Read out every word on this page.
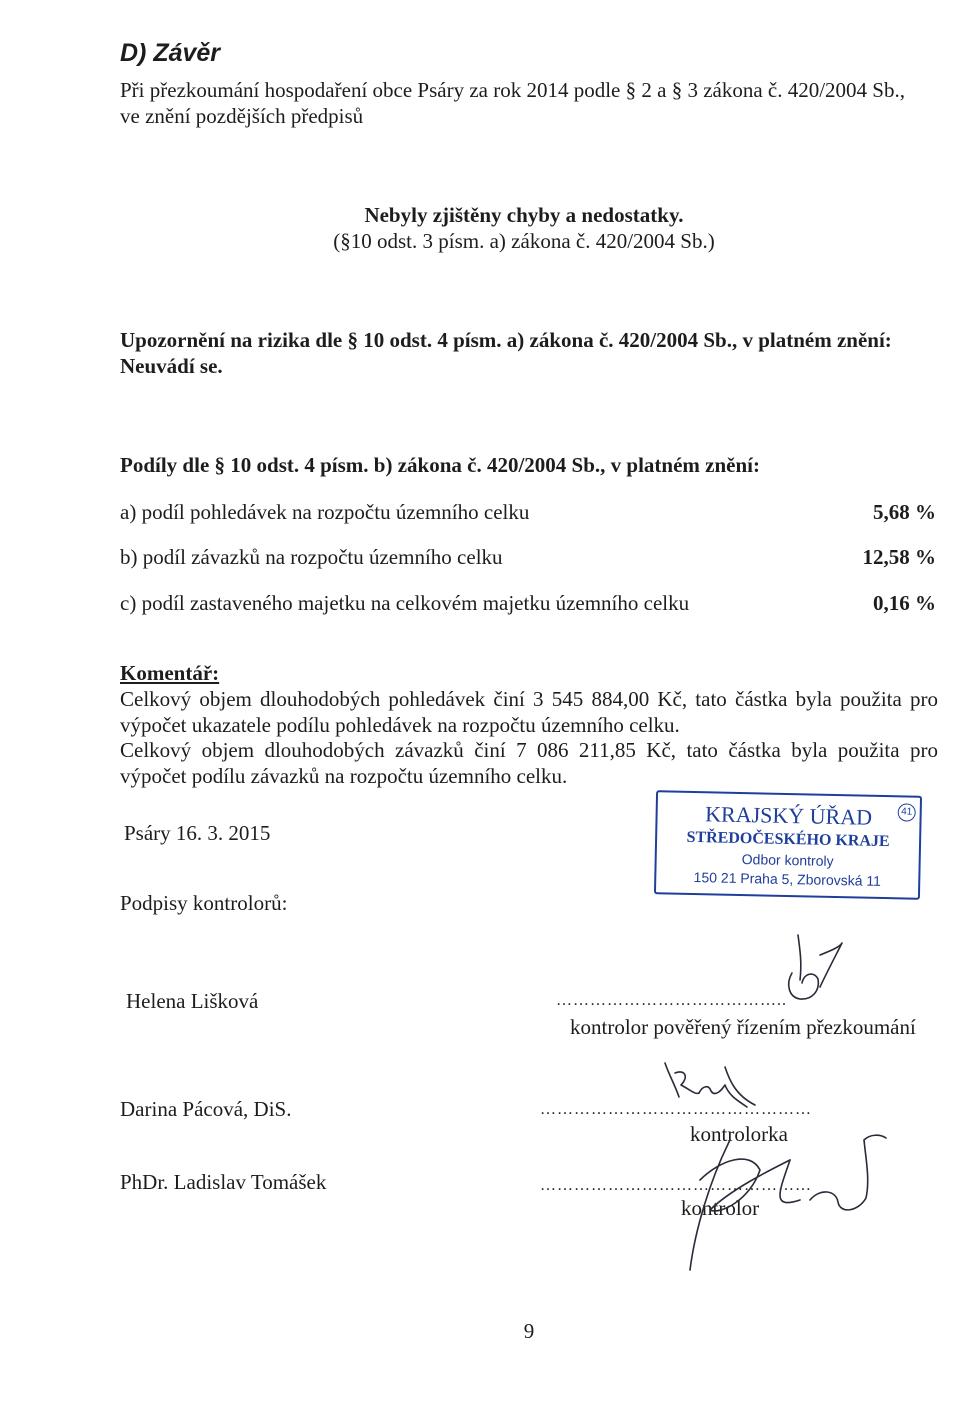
D) Závěr
Při přezkoumání hospodaření obce Psáry za rok 2014 podle § 2 a § 3 zákona č. 420/2004 Sb.,
ve znění pozdějších předpisů
Nebyly zjištěny chyby a nedostatky.
(§10 odst. 3 písm. a) zákona č. 420/2004 Sb.)
Upozornění na rizika dle § 10 odst. 4 písm. a) zákona č. 420/2004 Sb., v platném znění:
Neuvádí se.
Podíly dle § 10 odst. 4 písm. b) zákona č. 420/2004 Sb., v platném znění:
a) podíl pohledávek na rozpočtu územního celku	5,68 %
b) podíl závazků na rozpočtu územního celku	12,58 %
c) podíl zastaveného majetku na celkovém majetku územního celku	0,16 %
Komentář:
Celkový objem dlouhodobých pohledávek činí 3 545 884,00 Kč, tato částka byla použita pro
výpočet ukazatele podílu pohledávek na rozpočtu územního celku.
Celkový objem dlouhodobých závazků činí 7 086 211,85 Kč, tato částka byla použita pro
výpočet podílu závazků na rozpočtu územního celku.
Psáry 16. 3. 2015
KRAJSKÝ ÚŘAD	41
STŘEDOČESKÉHO KRAJE
Odbor kontroly
150 21 Praha 5, Zborovská 11
Podpisy kontrolorů:
Helena Lišková	…………………………………..
kontrolor pověřený řízením přezkoumání
Darina Pácová, DiS.	…………………………………………
kontrolorka
PhDr. Ladislav Tomášek	…………………………………………
kontrolor
9
